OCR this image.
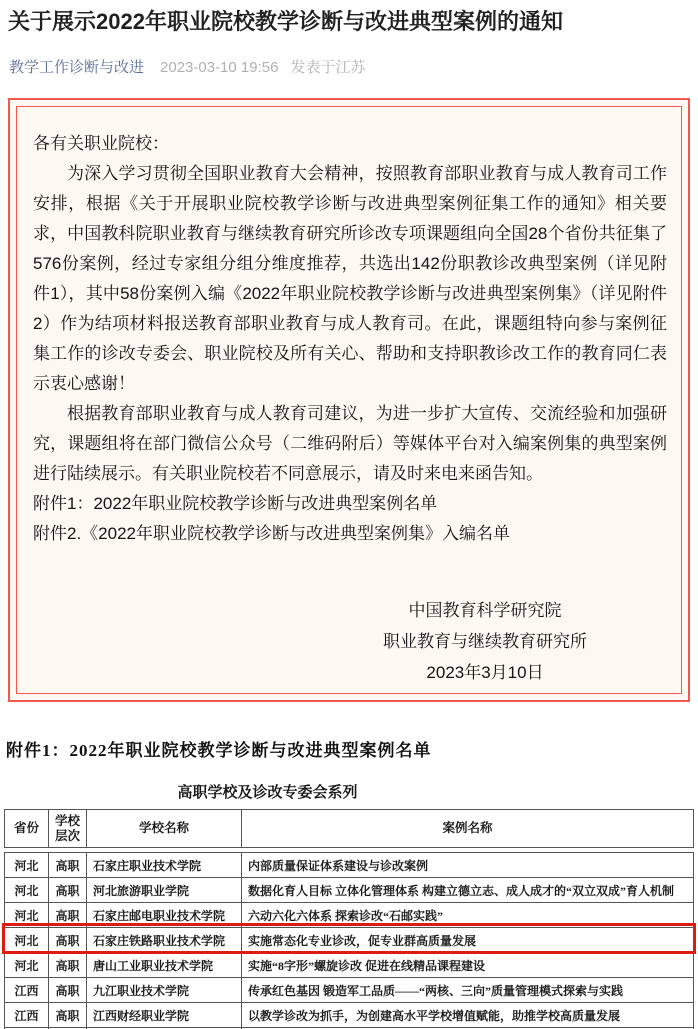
关于展示2022年职业院校教学诊断与改进典型案例的通知
教学工作诊断与改进 2023-03-10 19:56 发表于江苏

各有关职业院校：

为深入学习贯彻全国职业教育大会精神，按照教育部职业教育与成人教育司工作安排，根据《关于开展职业院校教学诊断与改进典型案例征集工作的通知》相关要求，中国教科院职业教育与继续教育研究所诊改专项课题组向全国28个省份共征集了576份案例，经过专家组分组分维度推荐，共选出142份职教诊改典型案例（详见附件1），其中58份案例入编《2022年职业院校教学诊断与改进典型案例集》（详见附件2）作为结项材料报送教育部职业教育与成人教育司。在此，课题组特向参与案例征集工作的诊改专委会、职业院校及所有关心、帮助和支持职教诊改工作的教育同仁表示衷心感谢！

根据教育部职业教育与成人教育司建议，为进一步扩大宣传、交流经验和加强研究，课题组将在部门微信公众号（二维码附后）等媒体平台对入编案例集的典型案例进行陆续展示。有关职业院校若不同意展示，请及时来电来函告知。

附件1：2022年职业院校教学诊断与改进典型案例名单

附件2.《2022年职业院校教学诊断与改进典型案例集》入编名单

中国教育科学研究院

职业教育与继续教育研究所

2023年3月10日

附件1：2022年职业院校教学诊断与改进典型案例名单
高职学校及诊改专委会系列
省份	学校层次	学校名称	案例名称
河北	高职	石家庄职业技术学院	内部质量保证体系建设与诊改案例
河北	高职	河北旅游职业学院	数据化育人目标 立体化管理体系 构建立德立志、成人成才的“双立双成”育人机制
河北	高职	石家庄邮电职业技术学院	六动六化六体系 探索诊改“石邮实践”
河北	高职	石家庄铁路职业技术学院	实施常态化专业诊改，促专业群高质量发展
河北	高职	唐山工业职业技术学院	实施“8字形”螺旋诊改 促进在线精品课程建设
江西	高职	九江职业技术学院	传承红色基因 锻造军工品质——“两核、三向”质量管理模式探索与实践
江西	高职	江西财经职业学院	以教学诊改为抓手，为创建高水平学校增值赋能，助推学校高质量发展
